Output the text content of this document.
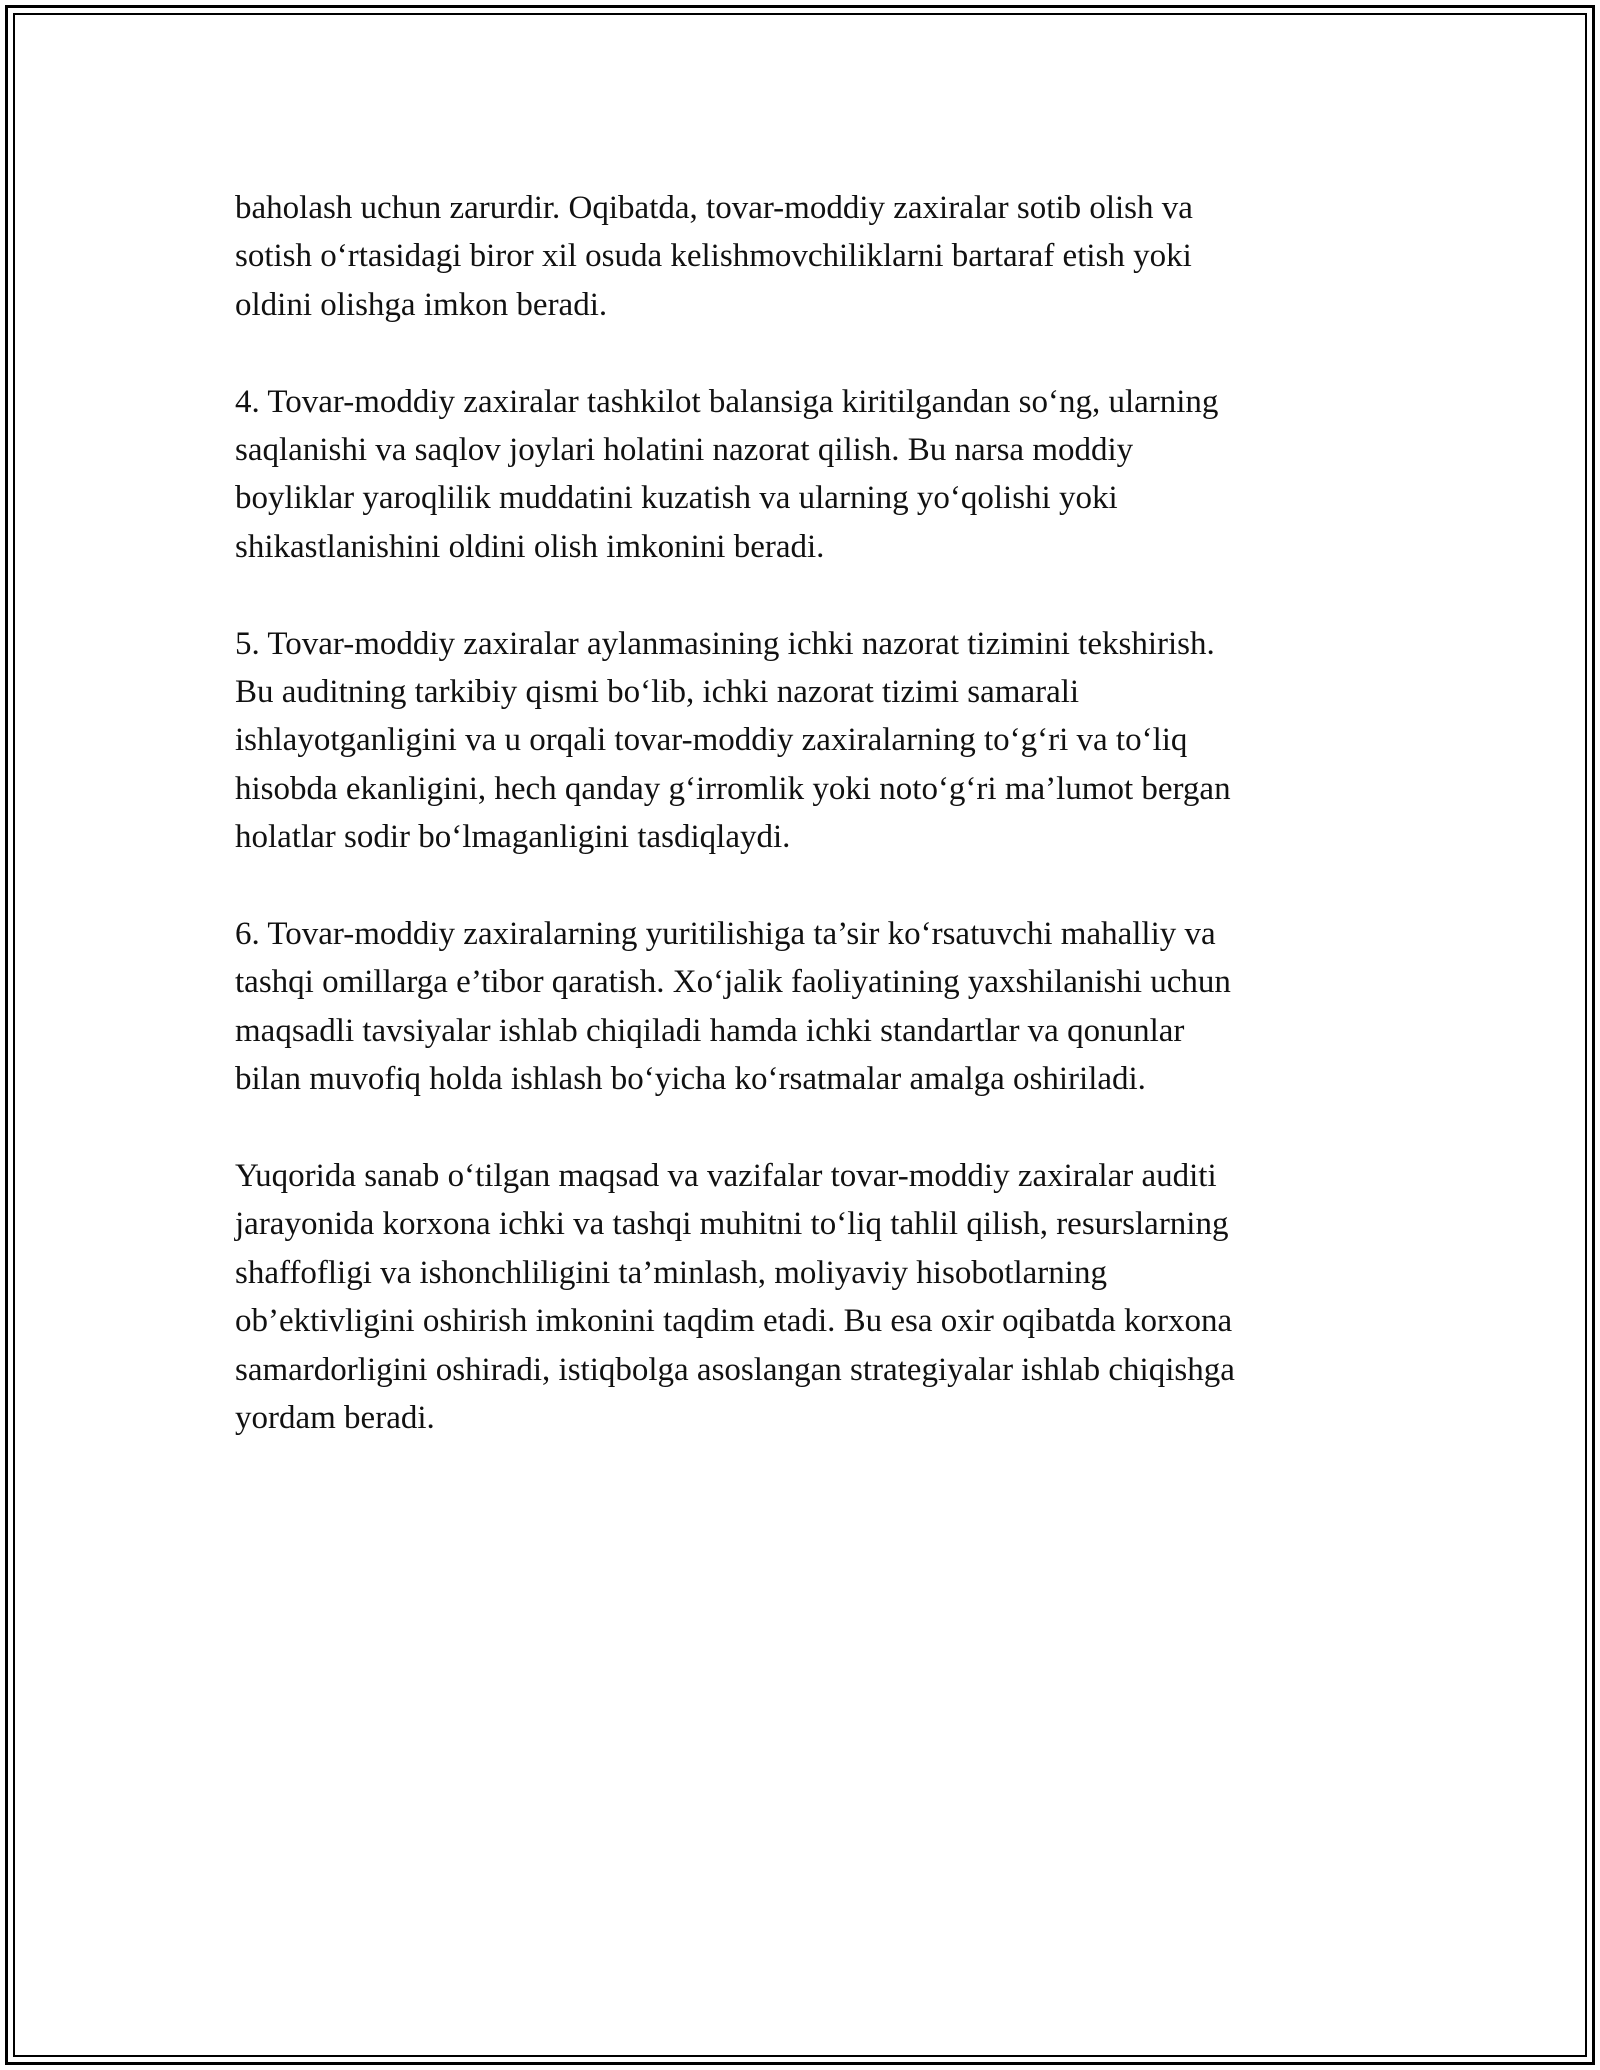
baholash uchun zarurdir. Oqibatda, tovar-moddiy zaxiralar sotib olish va
sotish o‘rtasidagi biror xil osuda kelishmovchiliklarni bartaraf etish yoki
oldini olishga imkon beradi.

4. Tovar-moddiy zaxiralar tashkilot balansiga kiritilgandan so‘ng, ularning
saqlanishi va saqlov joylari holatini nazorat qilish. Bu narsa moddiy
boyliklar yaroqlilik muddatini kuzatish va ularning yo‘qolishi yoki
shikastlanishini oldini olish imkonini beradi.

5. Tovar-moddiy zaxiralar aylanmasining ichki nazorat tizimini tekshirish.
Bu auditning tarkibiy qismi bo‘lib, ichki nazorat tizimi samarali
ishlayotganligini va u orqali tovar-moddiy zaxiralarning to‘g‘ri va to‘liq
hisobda ekanligini, hech qanday g‘irromlik yoki noto‘g‘ri ma’lumot bergan
holatlar sodir bo‘lmaganligini tasdiqlaydi.

6. Tovar-moddiy zaxiralarning yuritilishiga ta’sir ko‘rsatuvchi mahalliy va
tashqi omillarga e’tibor qaratish. Xo‘jalik faoliyatining yaxshilanishi uchun
maqsadli tavsiyalar ishlab chiqiladi hamda ichki standartlar va qonunlar
bilan muvofiq holda ishlash bo‘yicha ko‘rsatmalar amalga oshiriladi.

Yuqorida sanab o‘tilgan maqsad va vazifalar tovar-moddiy zaxiralar auditi
jarayonida korxona ichki va tashqi muhitni to‘liq tahlil qilish, resurslarning
shaffofligi va ishonchliligini ta’minlash, moliyaviy hisobotlarning
ob’ektivligini oshirish imkonini taqdim etadi. Bu esa oxir oqibatda korxona
samardorligini oshiradi, istiqbolga asoslangan strategiyalar ishlab chiqishga
yordam beradi.
